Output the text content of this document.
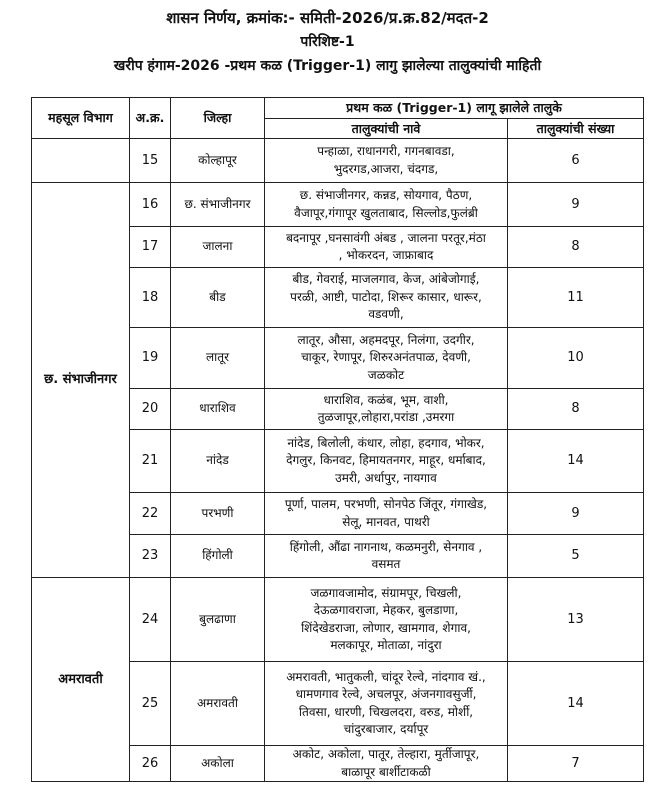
शासन निर्णय, क्रमांक:- समिती-2026/प्र.क्र.82/मदत-2
परिशिष्ट-1
खरीप हंगाम-2026 -प्रथम कळ (Trigger-1) लागु झालेल्या तालुक्यांची माहिती
महसूल विभाग	अ.क्र.	जिल्हा	प्रथम कळ (Trigger-1) लागू झालेले तालुके	
			तालुक्यांची नावे	तालुक्यांची संख्या
	15	कोल्हापूर	पन्हाळा, राधानगरी, गगनबावडा,
भुदरगड,आजरा, चंदगड,	6
छ. संभाजीनगर	16	छ. संभाजीनगर	छ. संभाजीनगर, कन्नड, सोयगाव, पैठण,
वैजापूर,गंगापूर खुलताबाद, सिल्लोड,फुलंब्री	9
	17	जालना	बदनापूर ,घनसावंगी अंबड , जालना परतूर,मंठा
, भोकरदन, जाफ्राबाद	8
	18	बीड	बीड, गेवराई, माजलगाव, केज, आंबेजोगाई,
परळी, आष्टी, पाटोदा, शिरूर कासार, धारूर,
वडवणी,	11
	19	लातूर	लातूर, औसा, अहमदपूर, निलंगा, उदगीर,
चाकूर, रेणापूर, शिरुरअनंतपाळ, देवणी,
जळकोट	10
	20	धाराशिव	धाराशिव, कळंब, भूम, वाशी,
तुळजापूर,लोहारा,परांडा ,उमरगा	8
	21	नांदेड	नांदेड, बिलोली, कंधार, लोहा, हदगाव, भोकर,
देगलुर, किनवट, हिमायतनगर, माहूर, धर्माबाद,
उमरी, अर्धापुर, नायगाव	14
	22	परभणी	पूर्णा, पालम, परभणी, सोनपेठ जिंतूर, गंगाखेड,
सेलू, मानवत, पाथरी	9
	23	हिंगोली	हिंगोली, औंढा नागनाथ, कळमनुरी, सेनगाव ,
वसमत	5
अमरावती	24	बुलढाणा	जळगावजामोद, संग्रामपूर, चिखली,
देऊळगावराजा, मेहकर, बुलडाणा,
शिंदेखेडराजा, लोणार, खामगाव, शेगाव,
मलकापूर, मोताळा, नांदुरा	13
	25	अमरावती	अमरावती, भातुकली, चांदूर रेल्वे, नांदगाव खं.,
धामणगाव रेल्वे, अचलपूर, अंजनगावसुर्जी,
तिवसा, धारणी, चिखलदरा, वरुड, मोर्शी,
चांदुरबाजार, दर्यापूर	14
	26	अकोला	अकोट, अकोला, पातूर, तेल्हारा, मुर्तीजापूर,
बाळापूर बार्शीटाकळी	7
